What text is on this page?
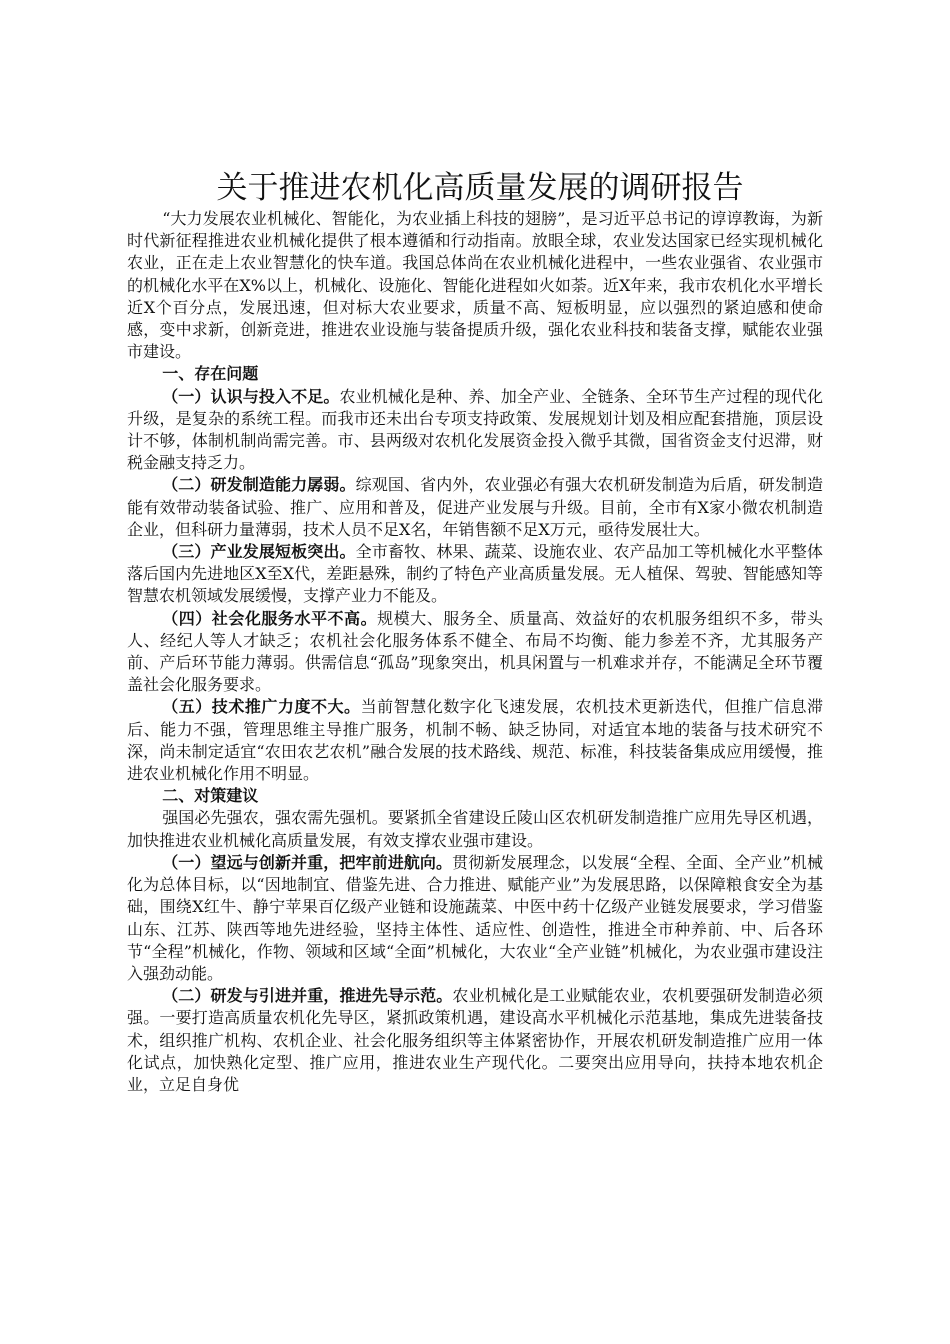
关于推进农机化高质量发展的调研报告

“大力发展农业机械化、智能化，为农业插上科技的翅膀”，是习近平总书记的谆谆教诲，为新时代新征程推进农业机械化提供了根本遵循和行动指南。放眼全球，农业发达国家已经实现机械化农业，正在走上农业智慧化的快车道。我国总体尚在农业机械化进程中，一些农业强省、农业强市的机械化水平在X%以上，机械化、设施化、智能化进程如火如荼。近X年来，我市农机化水平增长近X个百分点，发展迅速，但对标大农业要求，质量不高、短板明显，应以强烈的紧迫感和使命感，变中求新，创新竞进，推进农业设施与装备提质升级，强化农业科技和装备支撑，赋能农业强市建设。

一、存在问题

（一）认识与投入不足。农业机械化是种、养、加全产业、全链条、全环节生产过程的现代化升级，是复杂的系统工程。而我市还未出台专项支持政策、发展规划计划及相应配套措施，顶层设计不够，体制机制尚需完善。市、县两级对农机化发展资金投入微乎其微，国省资金支付迟滞，财税金融支持乏力。

（二）研发制造能力孱弱。综观国、省内外，农业强必有强大农机研发制造为后盾，研发制造能有效带动装备试验、推广、应用和普及，促进产业发展与升级。目前，全市有X家小微农机制造企业，但科研力量薄弱，技术人员不足X名，年销售额不足X万元，亟待发展壮大。

（三）产业发展短板突出。全市畜牧、林果、蔬菜、设施农业、农产品加工等机械化水平整体落后国内先进地区X至X代，差距悬殊，制约了特色产业高质量发展。无人植保、驾驶、智能感知等智慧农机领域发展缓慢，支撑产业力不能及。

（四）社会化服务水平不高。规模大、服务全、质量高、效益好的农机服务组织不多，带头人、经纪人等人才缺乏；农机社会化服务体系不健全、布局不均衡、能力参差不齐，尤其服务产前、产后环节能力薄弱。供需信息“孤岛”现象突出，机具闲置与一机难求并存，不能满足全环节覆盖社会化服务要求。

（五）技术推广力度不大。当前智慧化数字化飞速发展，农机技术更新迭代，但推广信息滞后、能力不强，管理思维主导推广服务，机制不畅、缺乏协同，对适宜本地的装备与技术研究不深，尚未制定适宜“农田农艺农机”融合发展的技术路线、规范、标准，科技装备集成应用缓慢，推进农业机械化作用不明显。

二、对策建议

强国必先强农，强农需先强机。要紧抓全省建设丘陵山区农机研发制造推广应用先导区机遇，加快推进农业机械化高质量发展，有效支撑农业强市建设。

（一）望远与创新并重，把牢前进航向。贯彻新发展理念，以发展“全程、全面、全产业”机械化为总体目标，以“因地制宜、借鉴先进、合力推进、赋能产业”为发展思路，以保障粮食安全为基础，围绕X红牛、静宁苹果百亿级产业链和设施蔬菜、中医中药十亿级产业链发展要求，学习借鉴山东、江苏、陕西等地先进经验，坚持主体性、适应性、创造性，推进全市种养前、中、后各环节“全程”机械化，作物、领域和区域“全面”机械化，大农业“全产业链”机械化，为农业强市建设注入强劲动能。

（二）研发与引进并重，推进先导示范。农业机械化是工业赋能农业，农机要强研发制造必须强。一要打造高质量农机化先导区，紧抓政策机遇，建设高水平机械化示范基地，集成先进装备技术，组织推广机构、农机企业、社会化服务组织等主体紧密协作，开展农机研发制造推广应用一体化试点，加快熟化定型、推广应用，推进农业生产现代化。二要突出应用导向，扶持本地农机企业，立足自身优
